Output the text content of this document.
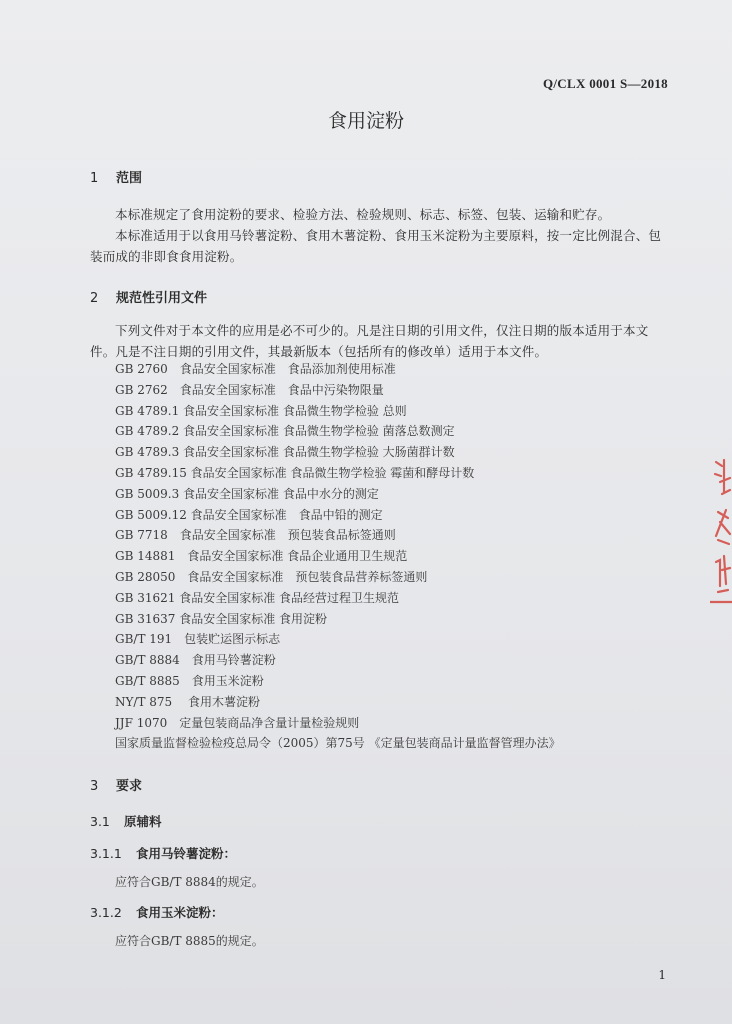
Q/CLX 0001 S—2018
食用淀粉
1 范围
本标准规定了食用淀粉的要求、检验方法、检验规则、标志、标签、包装、运输和贮存。
本标准适用于以食用马铃薯淀粉、食用木薯淀粉、食用玉米淀粉为主要原料，按一定比例混合、包装而成的非即食食用淀粉。
2 规范性引用文件
下列文件对于本文件的应用是必不可少的。凡是注日期的引用文件，仅注日期的版本适用于本文件。凡是不注日期的引用文件，其最新版本（包括所有的修改单）适用于本文件。
GB 2760　食品安全国家标准　食品添加剂使用标准
GB 2762　食品安全国家标准　食品中污染物限量
GB 4789.1 食品安全国家标准 食品微生物学检验 总则
GB 4789.2 食品安全国家标准 食品微生物学检验 菌落总数测定
GB 4789.3 食品安全国家标准 食品微生物学检验 大肠菌群计数
GB 4789.15 食品安全国家标准 食品微生物学检验 霉菌和酵母计数
GB 5009.3 食品安全国家标准 食品中水分的测定
GB 5009.12 食品安全国家标准　食品中铅的测定
GB 7718　食品安全国家标准　预包装食品标签通则
GB 14881　食品安全国家标准 食品企业通用卫生规范
GB 28050　食品安全国家标准　预包装食品营养标签通则
GB 31621 食品安全国家标准 食品经营过程卫生规范
GB 31637 食品安全国家标准 食用淀粉
GB/T 191　包装贮运图示标志
GB/T 8884　食用马铃薯淀粉
GB/T 8885　食用玉米淀粉
NY/T 875　 食用木薯淀粉
JJF 1070　定量包装商品净含量计量检验规则
国家质量监督检验检疫总局令（2005）第75号 《定量包装商品计量监督管理办法》
3 要求
3.1 原辅料
3.1.1 食用马铃薯淀粉：
应符合GB/T 8884的规定。
3.1.2 食用玉米淀粉：
应符合GB/T 8885的规定。
1
